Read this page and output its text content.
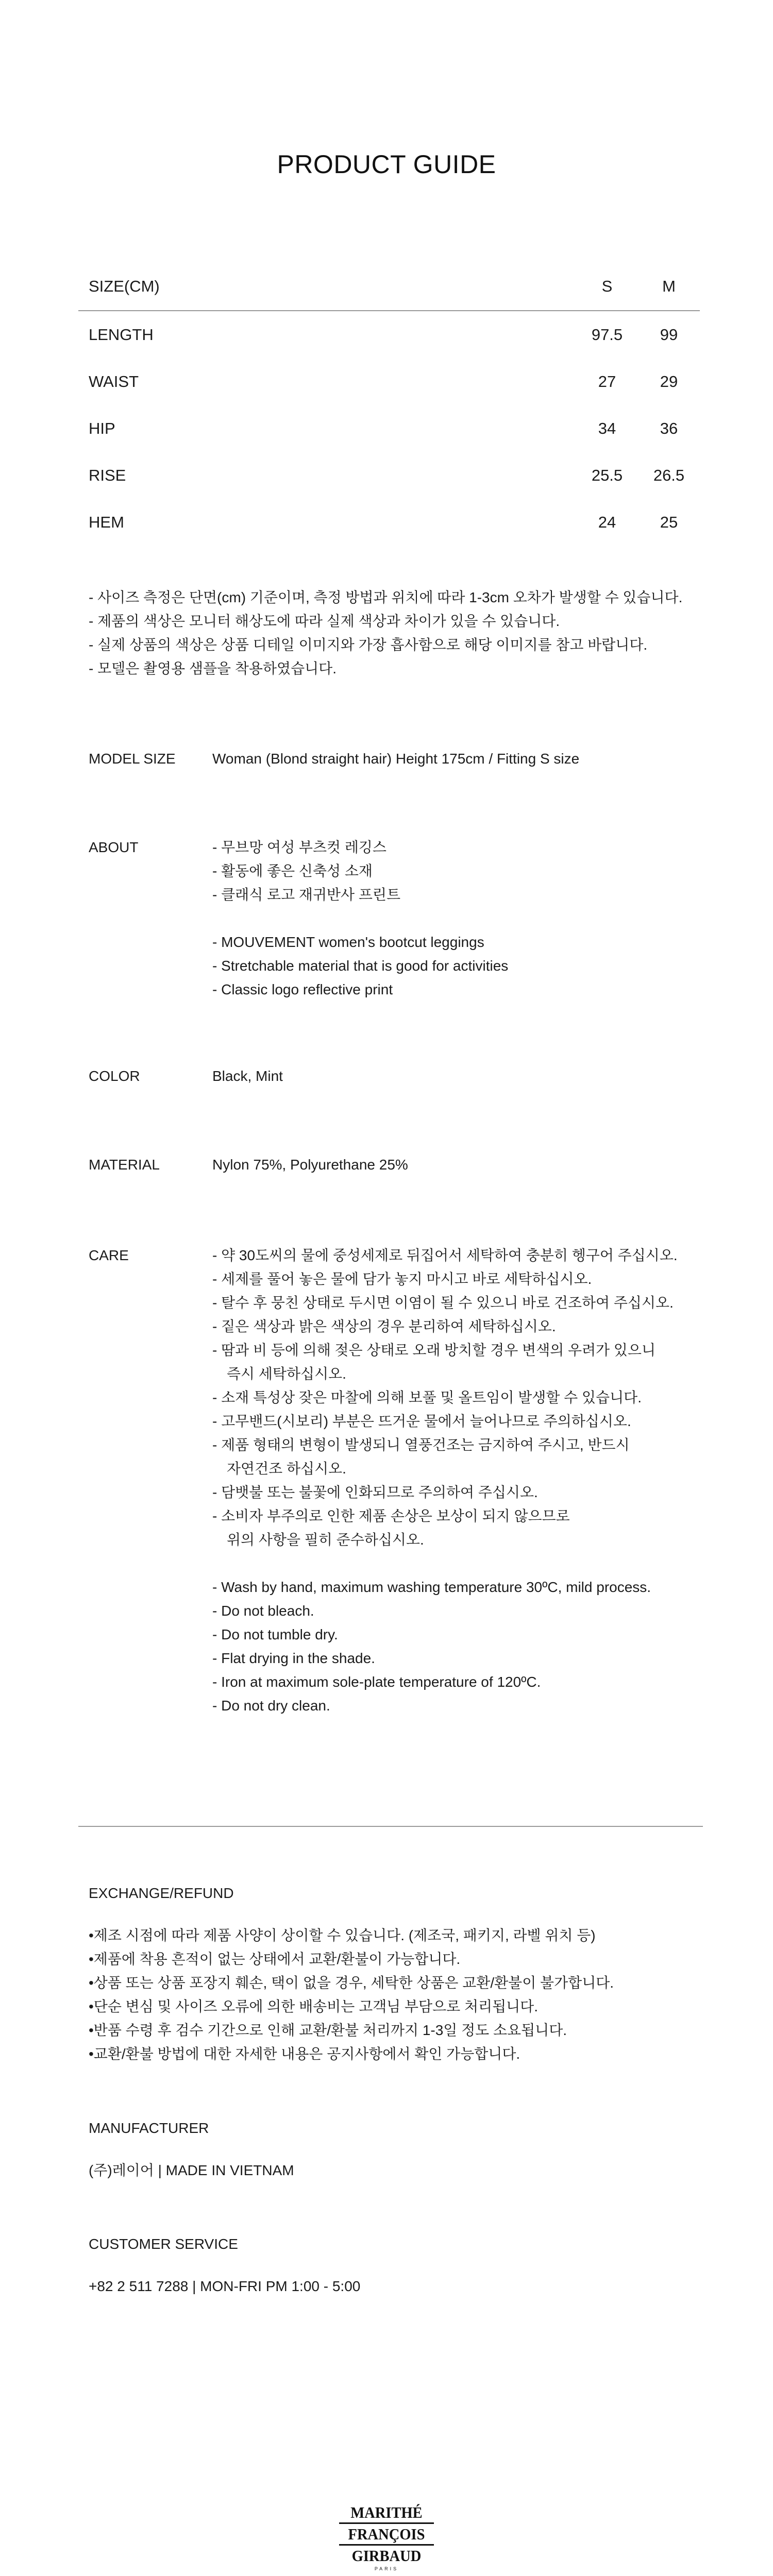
PRODUCT GUIDE
SIZE(CM)	S	M
LENGTH	97.5	99
WAIST	27	29
HIP	34	36
RISE	25.5	26.5
HEM	24	25
- 사이즈 측정은 단면(cm) 기준이며, 측정 방법과 위치에 따라 1-3cm 오차가 발생할 수 있습니다.
- 제품의 색상은 모니터 해상도에 따라 실제 색상과 차이가 있을 수 있습니다.
- 실제 상품의 색상은 상품 디테일 이미지와 가장 흡사함으로 해당 이미지를 참고 바랍니다.
- 모델은 촬영용 샘플을 착용하였습니다.
MODEL SIZE	Woman (Blond straight hair) Height 175cm / Fitting S size
ABOUT	- 무브망 여성 부츠컷 레깅스
- 활동에 좋은 신축성 소재
- 클래식 로고 재귀반사 프린트
- MOUVEMENT women's bootcut leggings
- Stretchable material that is good for activities
- Classic logo reflective print
COLOR	Black, Mint
MATERIAL	Nylon 75%, Polyurethane 25%
CARE	- 약 30도씨의 물에 중성세제로 뒤집어서 세탁하여 충분히 헹구어 주십시오.
- 세제를 풀어 놓은 물에 담가 놓지 마시고 바로 세탁하십시오.
- 탈수 후 뭉친 상태로 두시면 이염이 될 수 있으니 바로 건조하여 주십시오.
- 짙은 색상과 밝은 색상의 경우 분리하여 세탁하십시오.
- 땀과 비 등에 의해 젖은 상태로 오래 방치할 경우 변색의 우려가 있으니
즉시 세탁하십시오.
- 소재 특성상 잦은 마찰에 의해 보풀 및 올트임이 발생할 수 있습니다.
- 고무밴드(시보리) 부분은 뜨거운 물에서 늘어나므로 주의하십시오.
- 제품 형태의 변형이 발생되니 열풍건조는 금지하여 주시고, 반드시
자연건조 하십시오.
- 담뱃불 또는 불꽃에 인화되므로 주의하여 주십시오.
- 소비자 부주의로 인한 제품 손상은 보상이 되지 않으므로
위의 사항을 필히 준수하십시오.
- Wash by hand, maximum washing temperature 30ºC, mild process.
- Do not bleach.
- Do not tumble dry.
- Flat drying in the shade.
- Iron at maximum sole-plate temperature of 120ºC.
- Do not dry clean.
EXCHANGE/REFUND
•제조 시점에 따라 제품 사양이 상이할 수 있습니다. (제조국, 패키지, 라벨 위치 등)
•제품에 착용 흔적이 없는 상태에서 교환/환불이 가능합니다.
•상품 또는 상품 포장지 훼손, 택이 없을 경우, 세탁한 상품은 교환/환불이 불가합니다.
•단순 변심 및 사이즈 오류에 의한 배송비는 고객님 부담으로 처리됩니다.
•반품 수령 후 검수 기간으로 인해 교환/환불 처리까지 1-3일 정도 소요됩니다.
•교환/환불 방법에 대한 자세한 내용은 공지사항에서 확인 가능합니다.
MANUFACTURER
(주)레이어 | MADE IN VIETNAM
CUSTOMER SERVICE
+82 2 511 7288 | MON-FRI PM 1:00 - 5:00
MARITHÉ
FRANÇOIS
GIRBAUD
PARIS
